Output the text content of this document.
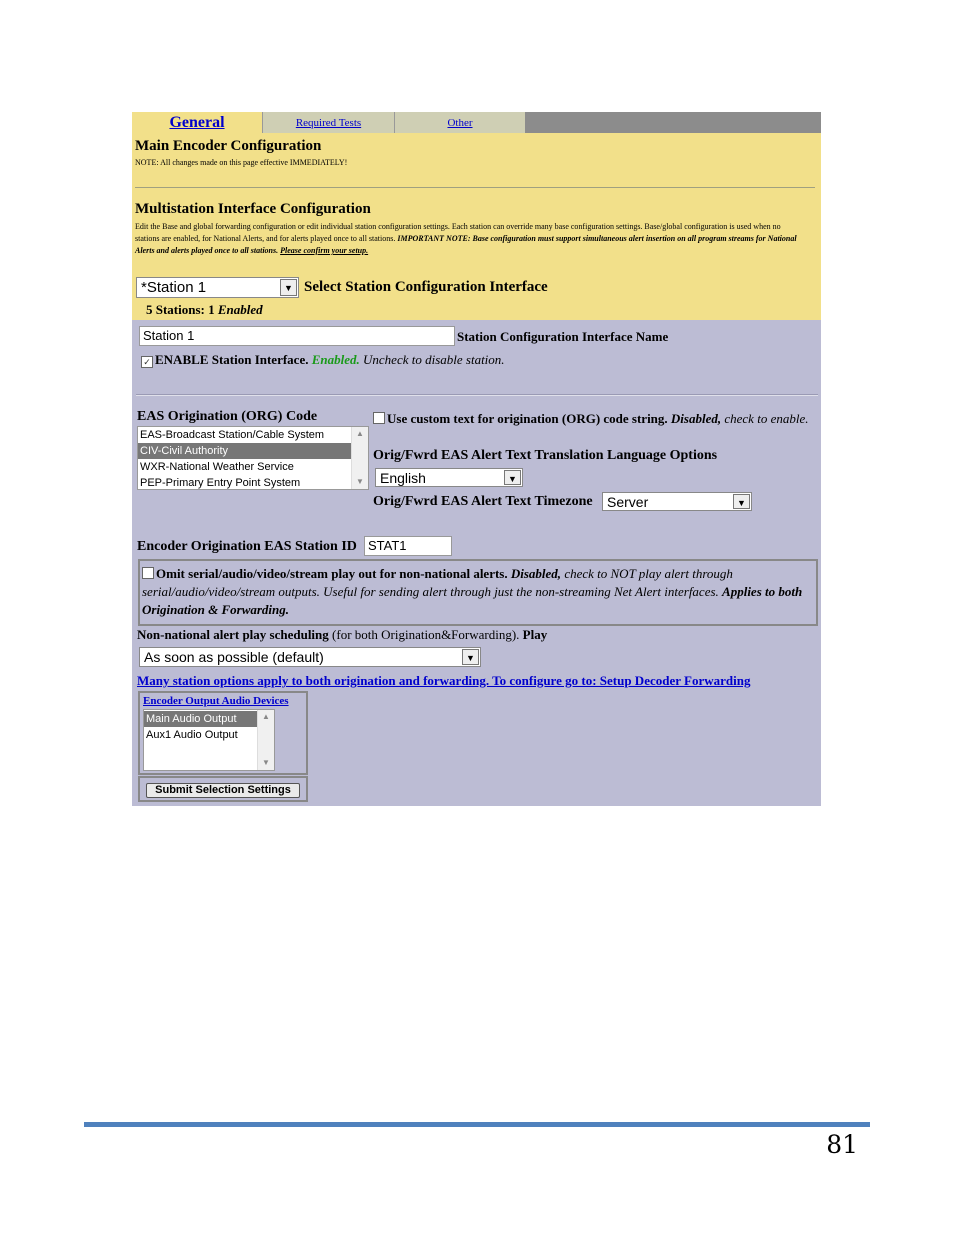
General	Required Tests	Other
Main Encoder Configuration
NOTE: All changes made on this page effective IMMEDIATELY!
Multistation Interface Configuration
Edit the Base and global forwarding configuration or edit individual station configuration settings. Each station can override many base configuration settings. Base/global configuration is used when no stations are enabled, for National Alerts, and for alerts played once to all stations. IMPORTANT NOTE: Base configuration must support simultaneous alert insertion on all program streams for National Alerts and alerts played once to all stations. Please confirm your setup.
*Station 1	▼ Select Station Configuration Interface
5 Stations: 1 Enabled
Station 1	Station Configuration Interface Name
✓ ENABLE Station Interface. Enabled. Uncheck to disable station.
EAS Origination (ORG) Code
EAS-Broadcast Station/Cable System
CIV-Civil Authority
WXR-National Weather Service
PEP-Primary Entry Point System
▲
▼
Use custom text for origination (ORG) code string. Disabled, check to enable.
Orig/Fwrd EAS Alert Text Translation Language Options
English	▼
Orig/Fwrd EAS Alert Text Timezone Server	▼
Encoder Origination EAS Station ID STAT1
Omit serial/audio/video/stream play out for non-national alerts. Disabled, check to NOT play alert through serial/audio/video/stream outputs. Useful for sending alert through just the non-streaming Net Alert interfaces. Applies to both Origination & Forwarding.
Non-national alert play scheduling (for both Origination&Forwarding). Play
As soon as possible (default)	▼
Many station options apply to both origination and forwarding. To configure go to: Setup Decoder Forwarding
Encoder Output Audio Devices
Main Audio Output
Aux1 Audio Output
▲
▼
Submit Selection Settings
81
